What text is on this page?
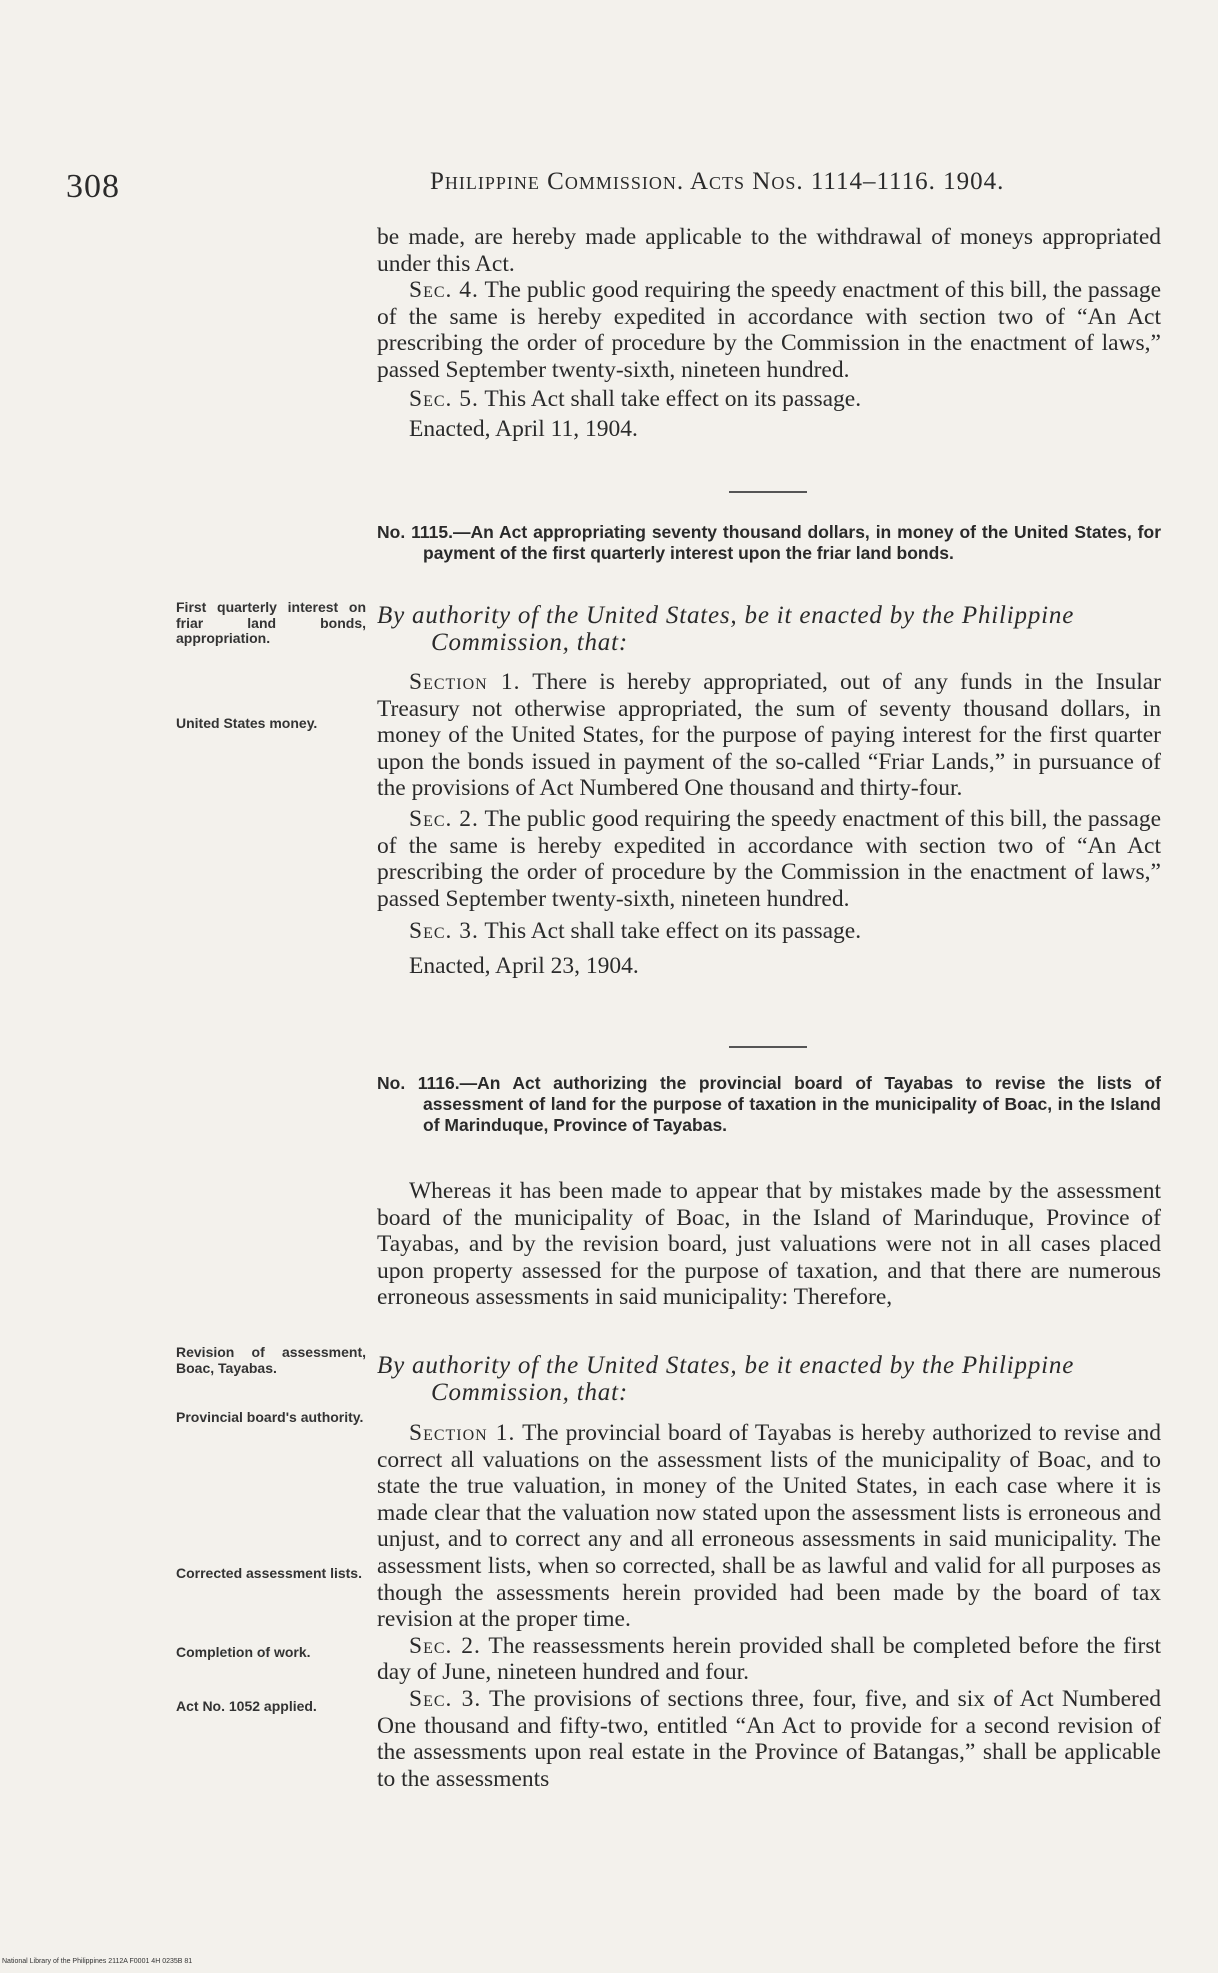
308	Philippine Commission. Acts Nos. 1114–1116. 1904.

be made, are hereby made applicable to the withdrawal of moneys appropriated under this Act.

Sec. 4. The public good requiring the speedy enactment of this bill, the passage of the same is hereby expedited in accordance with section two of “An Act prescribing the order of procedure by the Commission in the enactment of laws,” passed September twenty-sixth, nineteen hundred.

Sec. 5. This Act shall take effect on its passage.

Enacted, April 11, 1904.

No. 1115.—An Act appropriating seventy thousand dollars, in money of the United States, for payment of the first quarterly interest upon the friar land bonds.
By authority of the United States, be it enacted by the Philippine Commission, that:

Section 1. There is hereby appropriated, out of any funds in the Insular Treasury not otherwise appropriated, the sum of seventy thousand dollars, in money of the United States, for the purpose of paying interest for the first quarter upon the bonds issued in payment of the so-called “Friar Lands,” in pursuance of the provisions of Act Numbered One thousand and thirty-four.

Sec. 2. The public good requiring the speedy enactment of this bill, the passage of the same is hereby expedited in accordance with section two of “An Act prescribing the order of procedure by the Commission in the enactment of laws,” passed September twenty-sixth, nineteen hundred.

Sec. 3. This Act shall take effect on its passage.

Enacted, April 23, 1904.

No. 1116.—An Act authorizing the provincial board of Tayabas to revise the lists of assessment of land for the purpose of taxation in the municipality of Boac, in the Island of Marinduque, Province of Tayabas.

Whereas it has been made to appear that by mistakes made by the assessment board of the municipality of Boac, in the Island of Marinduque, Province of Tayabas, and by the revision board, just valuations were not in all cases placed upon property assessed for the purpose of taxation, and that there are numerous erroneous assessments in said municipality: Therefore,

By authority of the United States, be it enacted by the Philippine Commission, that:

Section 1. The provincial board of Tayabas is hereby authorized to revise and correct all valuations on the assessment lists of the municipality of Boac, and to state the true valuation, in money of the United States, in each case where it is made clear that the valuation now stated upon the assessment lists is erroneous and unjust, and to correct any and all erroneous assessments in said municipality. The assessment lists, when so corrected, shall be as lawful and valid for all purposes as though the assessments herein provided had been made by the board of tax revision at the proper time.

Sec. 2. The reassessments herein provided shall be completed before the first day of June, nineteen hundred and four.

Sec. 3. The provisions of sections three, four, five, and six of Act Numbered One thousand and fifty-two, entitled “An Act to provide for a second revision of the assessments upon real estate in the Province of Batangas,” shall be applicable to the assessments

First quarterly interest on friar land bonds, appropriation.
United States money.
Revision of assessment, Boac, Tayabas.
Provincial board's authority.
Corrected assessment lists.
Completion of work.
Act No. 1052 applied.
National Library of the Philippines 2112A F0001 4H 0235B 81
